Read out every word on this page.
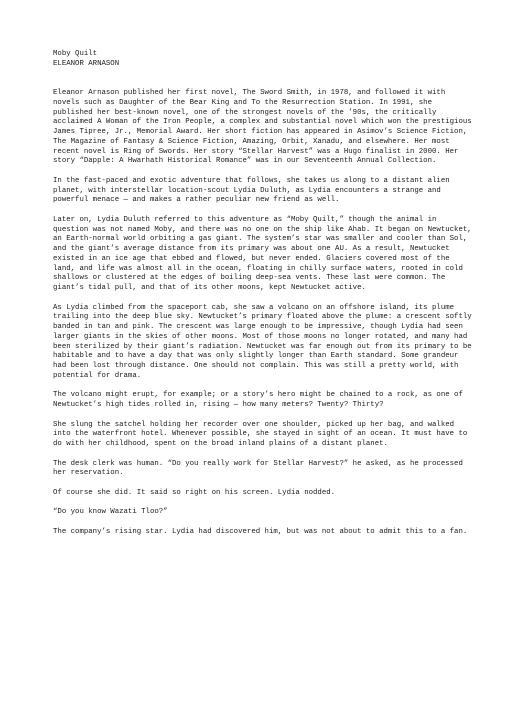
Moby Quilt
ELEANOR ARNASON

Eleanor Arnason published her first novel, The Sword Smith, in 1978, and followed it with novels such as Daughter of the Bear King and To the Resurrection Station. In 1991, she published her best-known novel, one of the strongest novels of the ’90s, the critically acclaimed A Woman of the Iron People, a complex and substantial novel which won the prestigious James Tipree, Jr., Memorial Award. Her short fiction has appeared in Asimov’s Science Fiction, The Magazine of Fantasy & Science Fiction, Amazing, Orbit, Xanadu, and elsewhere. Her most recent novel is Ring of Swords. Her story “Stellar Harvest” was a Hugo finalist in 2000. Her story “Dapple: A Hwarhath Historical Romance” was in our Seventeenth Annual Collection.

In the fast-paced and exotic adventure that follows, she takes us along to a distant alien planet, with interstellar location-scout Lydia Duluth, as Lydia encounters a strange and powerful menace — and makes a rather peculiar new friend as well.

Later on, Lydia Duluth referred to this adventure as “Moby Quilt,” though the animal in question was not named Moby, and there was no one on the ship like Ahab. It began on Newtucket, an Earth-normal world orbiting a gas giant. The system’s star was smaller and cooler than Sol, and the giant’s average distance from its primary was about one AU. As a result, Newtucket existed in an ice age that ebbed and flowed, but never ended. Glaciers covered most of the land, and life was almost all in the ocean, floating in chilly surface waters, rooted in cold shallows or clustered at the edges of boiling deep-sea vents. These last were common. The giant’s tidal pull, and that of its other moons, kept Newtucket active.

As Lydia climbed from the spaceport cab, she saw a volcano on an offshore island, its plume trailing into the deep blue sky. Newtucket’s primary floated above the plume: a crescent softly banded in tan and pink. The crescent was large enough to be impressive, though Lydia had seen larger giants in the skies of other moons. Most of those moons no longer rotated, and many had been sterilized by their giant’s radiation. Newtucket was far enough out from its primary to be habitable and to have a day that was only slightly longer than Earth standard. Some grandeur had been lost through distance. One should not complain. This was still a pretty world, with potential for drama.

The volcano might erupt, for example; or a story’s hero might be chained to a rock, as one of Newtucket’s high tides rolled in, rising — how many meters? Twenty? Thirty?

She slung the satchel holding her recorder over one shoulder, picked up her bag, and walked into the waterfront hotel. Whenever possible, she stayed in sight of an ocean. It must have to do with her childhood, spent on the broad inland plains of a distant planet.

The desk clerk was human. “Do you really work for Stellar Harvest?” he asked, as he processed her reservation.

Of course she did. It said so right on his screen. Lydia nodded.

“Do you know Wazati Tloo?”

The company’s rising star. Lydia had discovered him, but was not about to admit this to a fan.
